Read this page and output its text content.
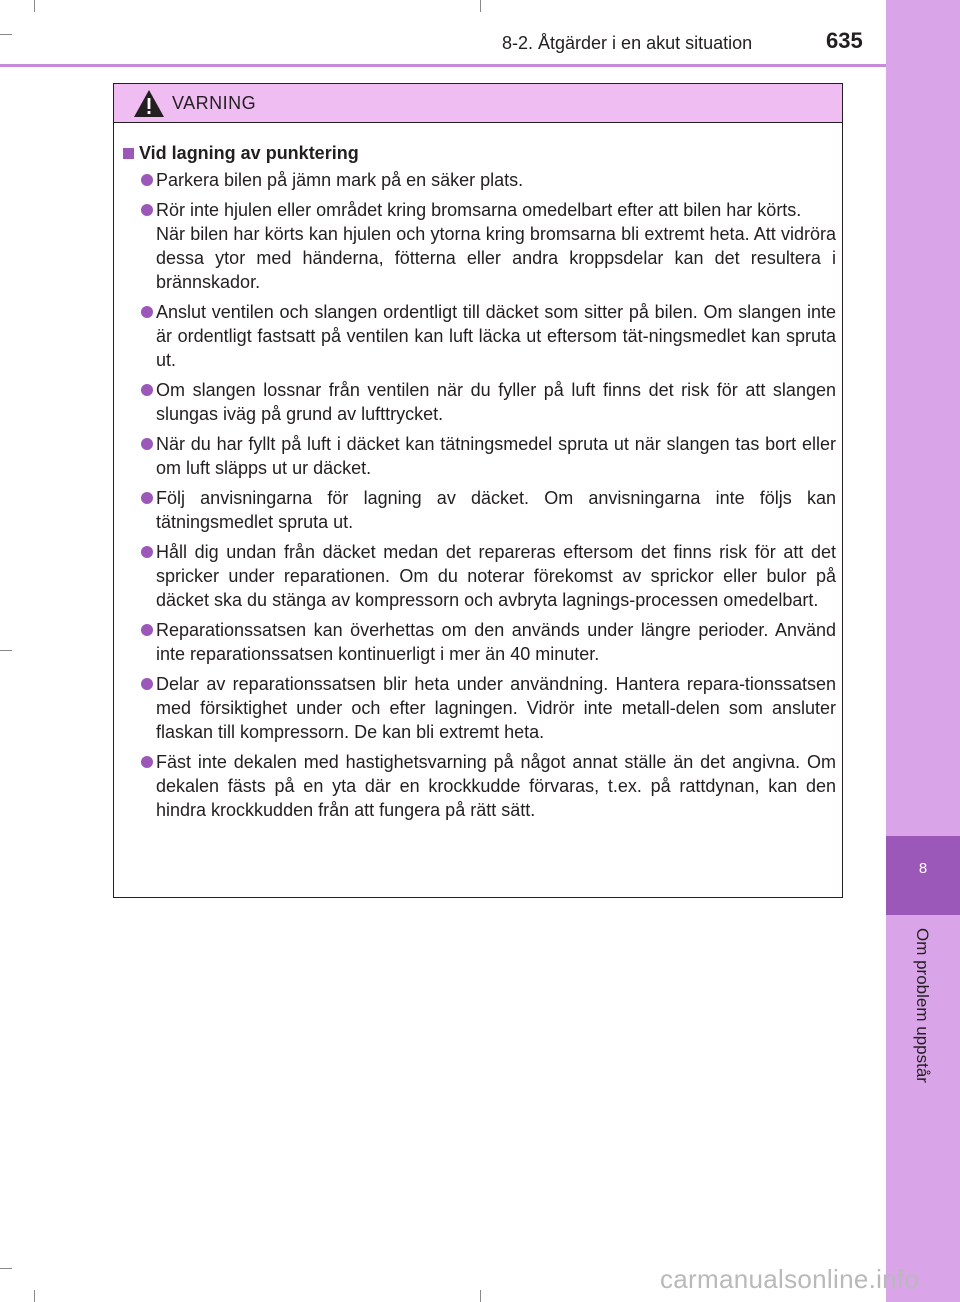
8-2. Åtgärder i en akut situation	635
8
Om problem uppstår
VARNING
Vid lagning av punktering
Parkera bilen på jämn mark på en säker plats.
Rör inte hjulen eller området kring bromsarna omedelbart efter att bilen har körts.
När bilen har körts kan hjulen och ytorna kring bromsarna bli extremt heta. Att vidröra dessa ytor med händerna, fötterna eller andra kroppsdelar kan det resultera i brännskador.
Anslut ventilen och slangen ordentligt till däcket som sitter på bilen. Om slangen inte är ordentligt fastsatt på ventilen kan luft läcka ut eftersom tät-ningsmedlet kan spruta ut.
Om slangen lossnar från ventilen när du fyller på luft finns det risk för att slangen slungas iväg på grund av lufttrycket.
När du har fyllt på luft i däcket kan tätningsmedel spruta ut när slangen tas bort eller om luft släpps ut ur däcket.
Följ anvisningarna för lagning av däcket. Om anvisningarna inte följs kan tätningsmedlet spruta ut.
Håll dig undan från däcket medan det repareras eftersom det finns risk för att det spricker under reparationen. Om du noterar förekomst av sprickor eller bulor på däcket ska du stänga av kompressorn och avbryta lagnings-processen omedelbart.
Reparationssatsen kan överhettas om den används under längre perioder. Använd inte reparationssatsen kontinuerligt i mer än 40 minuter.
Delar av reparationssatsen blir heta under användning. Hantera repara-tionssatsen med försiktighet under och efter lagningen. Vidrör inte metall-delen som ansluter flaskan till kompressorn. De kan bli extremt heta.
Fäst inte dekalen med hastighetsvarning på något annat ställe än det angivna. Om dekalen fästs på en yta där en krockkudde förvaras, t.ex. på rattdynan, kan den hindra krockkudden från att fungera på rätt sätt.
carmanualsonline.info
